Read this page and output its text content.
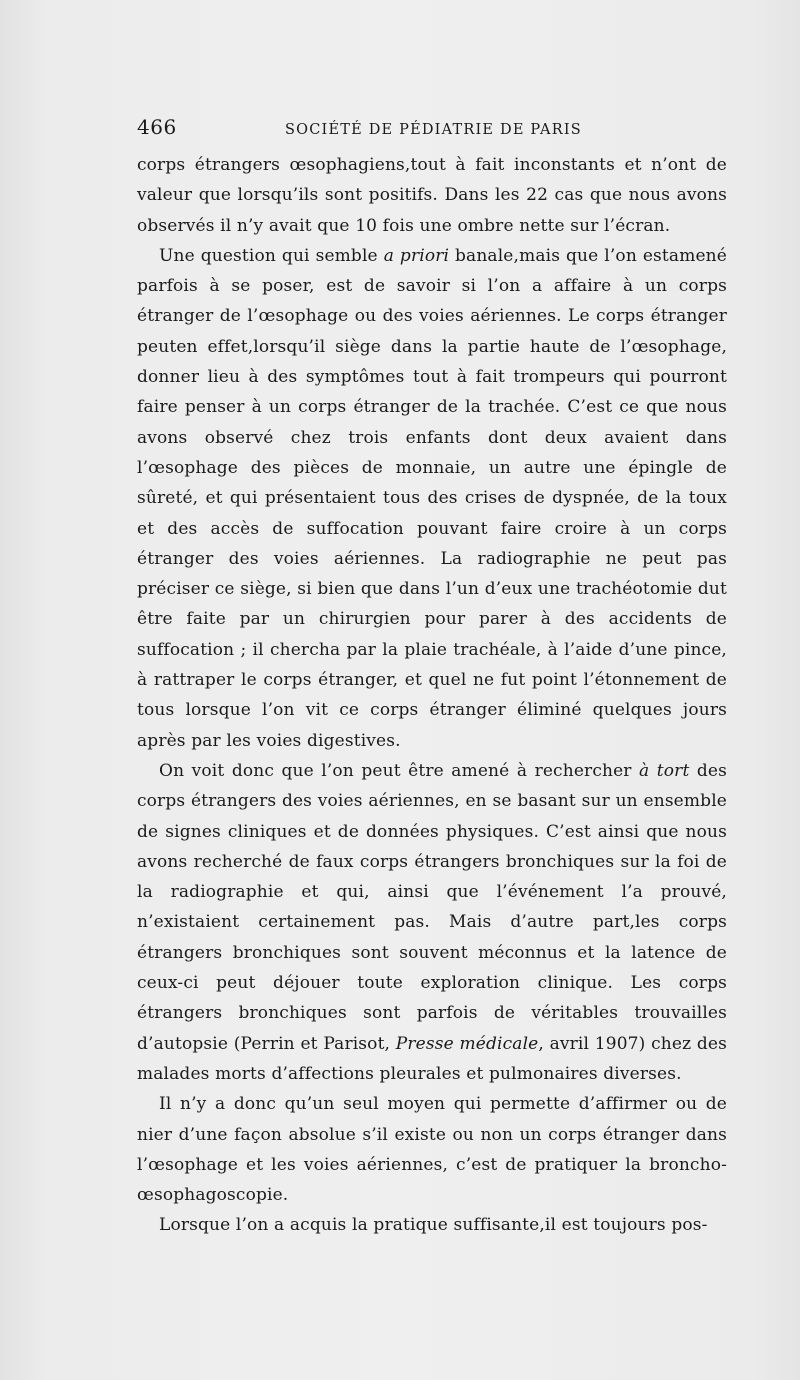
466	SOCIÉTÉ DE PÉDIATRIE DE PARIS

corps étrangers œsophagiens,tout à fait inconstants et n’ont de valeur que lorsqu’ils sont positifs. Dans les 22 cas que nous avons observés il n’y avait que 10 fois une ombre nette sur l’écran.

Une question qui semble a priori banale,mais que l’on estamené parfois à se poser, est de savoir si l’on a affaire à un corps étranger de l’œsophage ou des voies aériennes. Le corps étranger peuten effet,lorsqu’il siège dans la partie haute de l’œsophage, donner lieu à des symptômes tout à fait trompeurs qui pourront faire penser à un corps étranger de la trachée. C’est ce que nous avons observé chez trois enfants dont deux avaient dans l’œsophage des pièces de monnaie, un autre une épingle de sûreté, et qui présentaient tous des crises de dyspnée, de la toux et des accès de suffocation pouvant faire croire à un corps étranger des voies aériennes. La radiographie ne peut pas préciser ce siège, si bien que dans l’un d’eux une trachéotomie dut être faite par un chirurgien pour parer à des accidents de suffocation ; il chercha par la plaie trachéale, à l’aide d’une pince, à rattraper le corps étranger, et quel ne fut point l’étonnement de tous lorsque l’on vit ce corps étranger éliminé quelques jours après par les voies digestives.

On voit donc que l’on peut être amené à rechercher à tort des corps étrangers des voies aériennes, en se basant sur un ensemble de signes cliniques et de données physiques. C’est ainsi que nous avons recherché de faux corps étrangers bronchiques sur la foi de la radiographie et qui, ainsi que l’événement l’a prouvé, n’existaient certainement pas. Mais d’autre part,les corps étrangers bronchiques sont souvent méconnus et la latence de ceux-ci peut déjouer toute exploration clinique. Les corps étrangers bronchiques sont parfois de véritables trouvailles d’autopsie (Perrin et Parisot, Presse médicale, avril 1907) chez des malades morts d’affections pleurales et pulmonaires diverses.

Il n’y a donc qu’un seul moyen qui permette d’affirmer ou de nier d’une façon absolue s’il existe ou non un corps étranger dans l’œsophage et les voies aériennes, c’est de pratiquer la broncho-œsophagoscopie.

Lorsque l’on a acquis la pratique suffisante,il est toujours pos-
